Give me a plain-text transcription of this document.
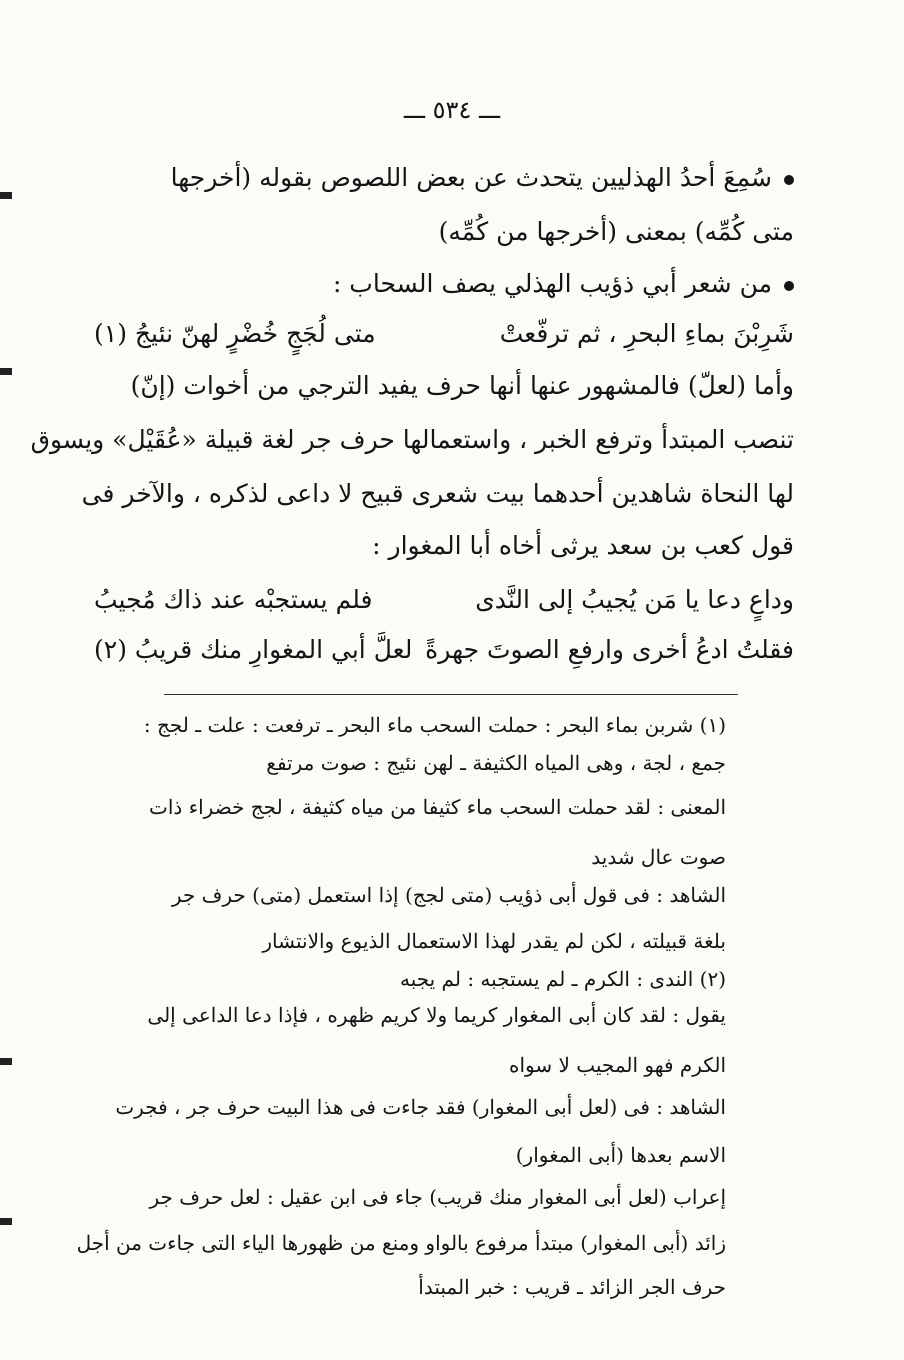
ـــ ٥٣٤ ـــ
سُمِعَ أحدُ الهذليين يتحدث عن بعض اللصوص بقوله (أخرجها
متى كُمِّه) بمعنى (أخرجها من كُمِّه)
من شعر أبي ذؤيب الهذلي يصف السحاب :
شَرِبْنَ بماءِ البحرِ ، ثم ترفّعتْ
متى لُجَجٍ خُضْرٍ لهنّ نئيجُ (١)
وأما (لعلّ) فالمشهور عنها أنها حرف يفيد الترجي من أخوات (إنّ)
تنصب المبتدأ وترفع الخبر ، واستعمالها حرف جر لغة قبيلة «عُقَيْل» ويسوق
لها النحاة شاهدين أحدهما بيت شعرى قبيح لا داعى لذكره ، والآخر فى
قول كعب بن سعد يرثى أخاه أبا المغوار :
وداعٍ دعا يا مَن يُجيبُ إلى النَّدى
فلم يستجبْه عند ذاك مُجيبُ
فقلتُ ادعُ أخرى وارفعِ الصوتَ جهرةً
لعلَّ أبي المغوارِ منك قريبُ (٢)
(١) شربن بماء البحر : حملت السحب ماء البحر ـ ترفعت : علت ـ لجج :
جمع ، لجة ، وهى المياه الكثيفة ـ لهن نئيج : صوت مرتفع
المعنى : لقد حملت السحب ماء كثيفا من مياه كثيفة ، لجج خضراء ذات
صوت عال شديد
الشاهد : فى قول أبى ذؤيب (متى لجج) إذا استعمل (متى) حرف جر
بلغة قبيلته ، لكن لم يقدر لهذا الاستعمال الذيوع والانتشار
(٢) الندى : الكرم ـ لم يستجبه : لم يجبه
يقول : لقد كان أبى المغوار كريما ولا كريم ظهره ، فإذا دعا الداعى إلى
الكرم فهو المجيب لا سواه
الشاهد : فى (لعل أبى المغوار) فقد جاءت فى هذا البيت حرف جر ، فجرت
الاسم بعدها (أبى المغوار)
إعراب (لعل أبى المغوار منك قريب) جاء فى ابن عقيل : لعل حرف جر
زائد (أبى المغوار) مبتدأ مرفوع بالواو ومنع من ظهورها الياء التى جاءت من أجل
حرف الجر الزائد ـ قريب : خبر المبتدأ
